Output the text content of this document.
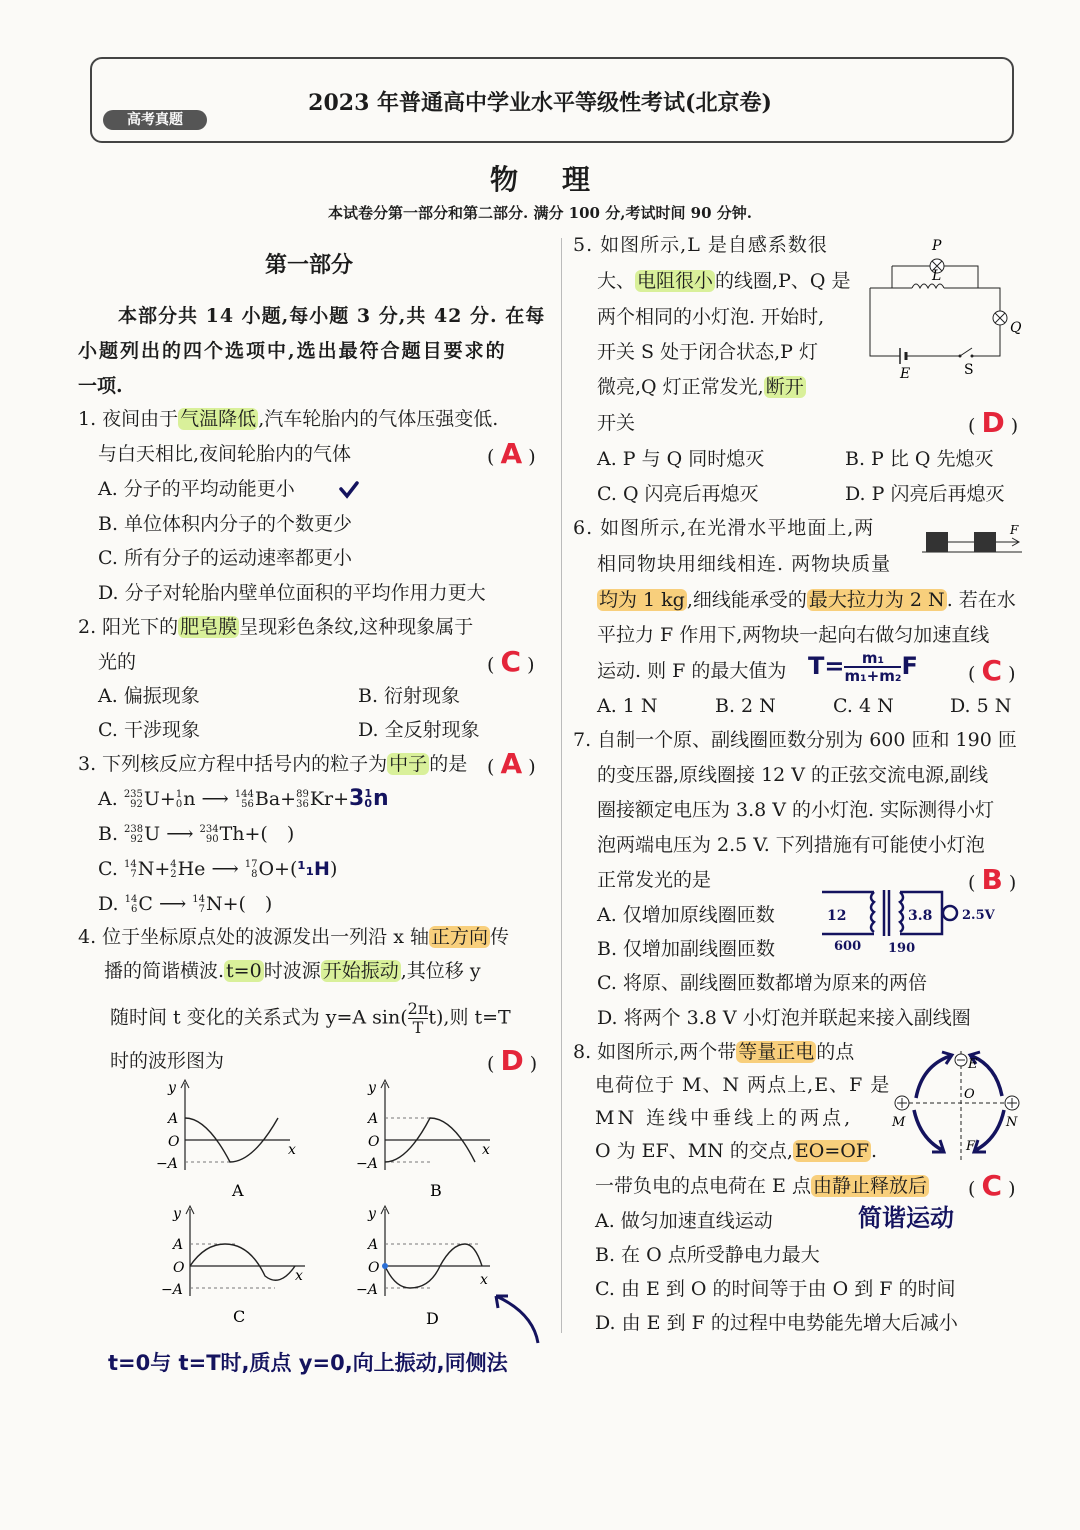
高考真题
2023 年普通高中学业水平等级性考试(北京卷)
物理
本试卷分第一部分和第二部分. 满分 100 分,考试时间 90 分钟.
第一部分
本部分共 14 小题,每小题 3 分,共 42 分. 在每
小题列出的四个选项中,选出最符合题目要求的
一项.
1. 夜间由于 气温降低 ,汽车轮胎内的气体压强变低.
与白天相比,夜间轮胎内的气体	( A )
A. 分子的平均动能更小
B. 单位体积内分子的个数更少
C. 所有分子的运动速率都更小
D. 分子对轮胎内壁单位面积的平均作用力更大
2. 阳光下的 肥皂膜 呈现彩色条纹,这种现象属于
光的	( C )
A. 偏振现象	B. 衍射现象
C. 干涉现象	D. 全反射现象
3. 下列核反应方程中括号内的粒子为 中子 的是 ( A )
A. 235
92U+1
0n ⟶ 144
56Ba+89
36Kr+31
0n
B. 238
92U ⟶ 234
90Th+(　)
C. 14
7N+4
2He ⟶ 17
8O+(¹₁H)
D. 14
6C ⟶ 14
7N+(　)
4. 位于坐标原点处的波源发出一列沿 x 轴 正方向 传
播的简谐横波. t=0 时波源 开始振动 ,其位移 y
随时间 t 变化的关系式为 y=A $\sin(\frac{2\pi}{T} t)$,则 t=T
时的波形图为	( D )
y
A
O
−A
x
A
y
A
O
−A
x
B
y
A
O
−A
x
C
y
A
O
−A
x
D
t=0与 t=T时,质点 y=0,向上振动,同侧法
5. 如图所示,L 是自感系数很
大、 电阻很小 的线圈,P、Q 是
两个相同的小灯泡. 开始时,
开关 S 处于闭合状态,P 灯
微亮,Q 灯正常发光, 断开
开关	( D )
A. P 与 Q 同时熄灭	B. P 比 Q 先熄灭
C. Q 闪亮后再熄灭	D. P 闪亮后再熄灭
P
Q
L
E	S
6. 如图所示,在光滑水平地面上,两
相同物块用细线相连. 两物块质量
均为 1 kg ,细线能承受的 最大拉力为 2 N . 若在水
平拉力 F 作用下,两物块一起向右做匀加速直线
运动. 则 F 的最大值为 $T=\frac{\text{m₁}}{\text{m₁+m₂}}$ F	( C )
A. 1 N	B. 2 N	C. 4 N	D. 5 N
F
7. 自制一个原、副线圈匝数分别为 600 匝和 190 匝
的变压器,原线圈接 12 V 的正弦交流电源,副线
圈接额定电压为 3.8 V 的小灯泡. 实际测得小灯
泡两端电压为 2.5 V. 下列措施有可能使小灯泡
正常发光的是	( B )
A. 仅增加原线圈匝数
B. 仅增加副线圈匝数
C. 将原、副线圈匝数都增为原来的两倍
D. 将两个 3.8 V 小灯泡并联起来接入副线圈
12
600
3.8
190
2.5V
8. 如图所示,两个带 等量正电 的点
电荷位于 M、N 两点上,E、F 是
MN 连线中垂线上的两点,
O 为 EF、MN 的交点, EO=OF .
一带负电的点电荷在 E 点 由静止释放后 ( C )
简谐运动
A. 做匀加速直线运动
B. 在 O 点所受静电力最大
C. 由 E 到 O 的时间等于由 O 到 F 的时间
D. 由 E 到 F 的过程中电势能先增大后减小
E
F
O
M	N
